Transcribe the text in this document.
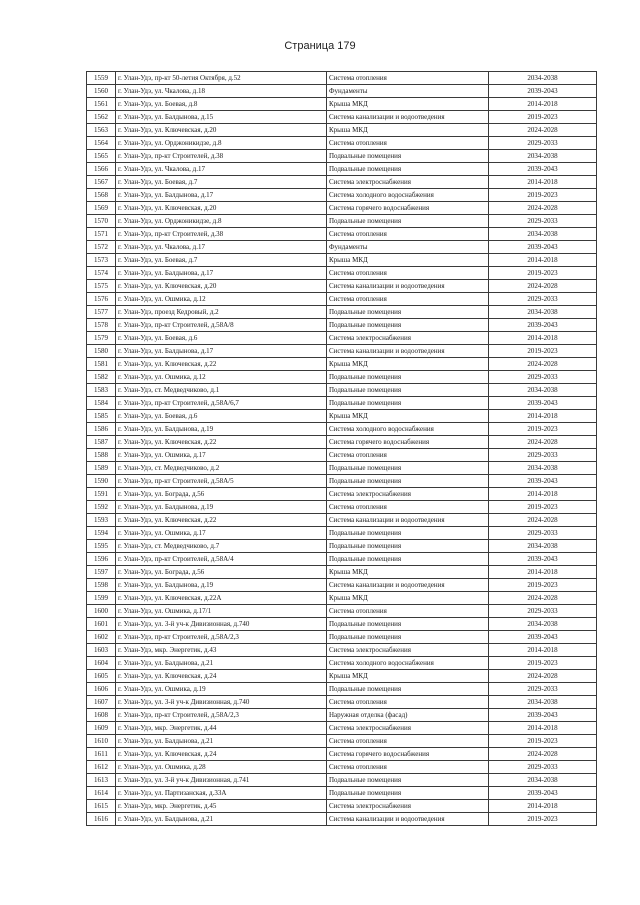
Страница 179
1559	г. Улан-Удэ, пр-кт 50-летия Октября, д.52	Система отопления	2034-2038
1560	г. Улан-Удэ, ул. Чкалова, д.18	Фундаменты	2039-2043
1561	г. Улан-Удэ, ул. Боевая, д.8	Крыша МКД	2014-2018
1562	г. Улан-Удэ, ул. Балдынова, д.15	Система канализации и водоотведения	2019-2023
1563	г. Улан-Удэ, ул. Ключевская, д.20	Крыша МКД	2024-2028
1564	г. Улан-Удэ, ул. Орджоникидзе, д.8	Система отопления	2029-2033
1565	г. Улан-Удэ, пр-кт Строителей, д.38	Подвальные помещения	2034-2038
1566	г. Улан-Удэ, ул. Чкалова, д.17	Подвальные помещения	2039-2043
1567	г. Улан-Удэ, ул. Боевая, д.7	Система электроснабжения	2014-2018
1568	г. Улан-Удэ, ул. Балдынова, д.17	Система холодного водоснабжения	2019-2023
1569	г. Улан-Удэ, ул. Ключевская, д.20	Система горячего водоснабжения	2024-2028
1570	г. Улан-Удэ, ул. Орджоникидзе, д.8	Подвальные помещения	2029-2033
1571	г. Улан-Удэ, пр-кт Строителей, д.38	Система отопления	2034-2038
1572	г. Улан-Удэ, ул. Чкалова, д.17	Фундаменты	2039-2043
1573	г. Улан-Удэ, ул. Боевая, д.7	Крыша МКД	2014-2018
1574	г. Улан-Удэ, ул. Балдынова, д.17	Система отопления	2019-2023
1575	г. Улан-Удэ, ул. Ключевская, д.20	Система канализации и водоотведения	2024-2028
1576	г. Улан-Удэ, ул. Ошмика, д.12	Система отопления	2029-2033
1577	г. Улан-Удэ, проезд Кедровый, д.2	Подвальные помещения	2034-2038
1578	г. Улан-Удэ, пр-кт Строителей, д.58А/8	Подвальные помещения	2039-2043
1579	г. Улан-Удэ, ул. Боевая, д.6	Система электроснабжения	2014-2018
1580	г. Улан-Удэ, ул. Балдынова, д.17	Система канализации и водоотведения	2019-2023
1581	г. Улан-Удэ, ул. Ключевская, д.22	Крыша МКД	2024-2028
1582	г. Улан-Удэ, ул. Ошмика, д.12	Подвальные помещения	2029-2033
1583	г. Улан-Удэ, ст. Медведчиково, д.1	Подвальные помещения	2034-2038
1584	г. Улан-Удэ, пр-кт Строителей, д.58А/6,7	Подвальные помещения	2039-2043
1585	г. Улан-Удэ, ул. Боевая, д.6	Крыша МКД	2014-2018
1586	г. Улан-Удэ, ул. Балдынова, д.19	Система холодного водоснабжения	2019-2023
1587	г. Улан-Удэ, ул. Ключевская, д.22	Система горячего водоснабжения	2024-2028
1588	г. Улан-Удэ, ул. Ошмика, д.17	Система отопления	2029-2033
1589	г. Улан-Удэ, ст. Медведчиково, д.2	Подвальные помещения	2034-2038
1590	г. Улан-Удэ, пр-кт Строителей, д.58А/5	Подвальные помещения	2039-2043
1591	г. Улан-Удэ, ул. Бограда, д.56	Система электроснабжения	2014-2018
1592	г. Улан-Удэ, ул. Балдынова, д.19	Система отопления	2019-2023
1593	г. Улан-Удэ, ул. Ключевская, д.22	Система канализации и водоотведения	2024-2028
1594	г. Улан-Удэ, ул. Ошмика, д.17	Подвальные помещения	2029-2033
1595	г. Улан-Удэ, ст. Медведчиково, д.7	Подвальные помещения	2034-2038
1596	г. Улан-Удэ, пр-кт Строителей, д.58А/4	Подвальные помещения	2039-2043
1597	г. Улан-Удэ, ул. Бограда, д.56	Крыша МКД	2014-2018
1598	г. Улан-Удэ, ул. Балдынова, д.19	Система канализации и водоотведения	2019-2023
1599	г. Улан-Удэ, ул. Ключевская, д.22А	Крыша МКД	2024-2028
1600	г. Улан-Удэ, ул. Ошмика, д.17/1	Система отопления	2029-2033
1601	г. Улан-Удэ, ул. 3-й уч-к Дивизионная, д.740	Подвальные помещения	2034-2038
1602	г. Улан-Удэ, пр-кт Строителей, д.58А/2,3	Подвальные помещения	2039-2043
1603	г. Улан-Удэ, мкр. Энергетик, д.43	Система электроснабжения	2014-2018
1604	г. Улан-Удэ, ул. Балдынова, д.21	Система холодного водоснабжения	2019-2023
1605	г. Улан-Удэ, ул. Ключевская, д.24	Крыша МКД	2024-2028
1606	г. Улан-Удэ, ул. Ошмика, д.19	Подвальные помещения	2029-2033
1607	г. Улан-Удэ, ул. 3-й уч-к Дивизионная, д.740	Система отопления	2034-2038
1608	г. Улан-Удэ, пр-кт Строителей, д.58А/2,3	Наружная отделка (фасад)	2039-2043
1609	г. Улан-Удэ, мкр. Энергетик, д.44	Система электроснабжения	2014-2018
1610	г. Улан-Удэ, ул. Балдынова, д.21	Система отопления	2019-2023
1611	г. Улан-Удэ, ул. Ключевская, д.24	Система горячего водоснабжения	2024-2028
1612	г. Улан-Удэ, ул. Ошмика, д.28	Система отопления	2029-2033
1613	г. Улан-Удэ, ул. 3-й уч-к Дивизионная, д.741	Подвальные помещения	2034-2038
1614	г. Улан-Удэ, ул. Партизанская, д.33А	Подвальные помещения	2039-2043
1615	г. Улан-Удэ, мкр. Энергетик, д.45	Система электроснабжения	2014-2018
1616	г. Улан-Удэ, ул. Балдынова, д.21	Система канализации и водоотведения	2019-2023
